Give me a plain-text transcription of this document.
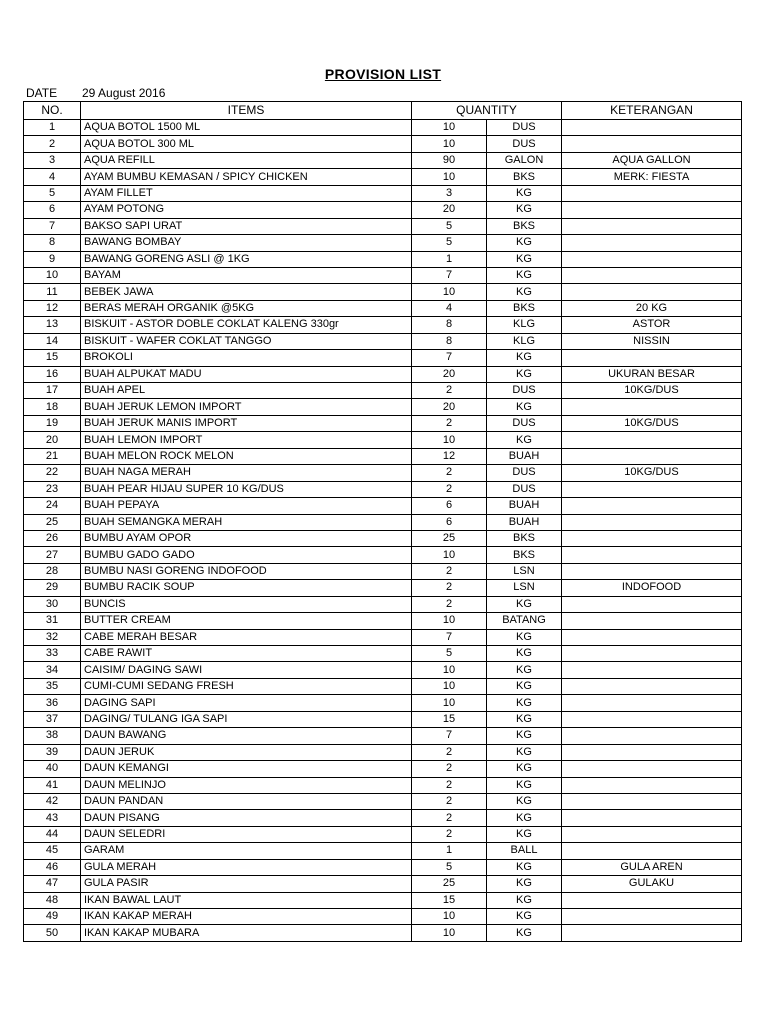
PROVISION LIST
DATE	29 August 2016
NO.	ITEMS	QUANTITY		KETERANGAN
1	AQUA BOTOL 1500 ML	10	DUS	
2	AQUA BOTOL 300 ML	10	DUS	
3	AQUA REFILL	90	GALON	AQUA GALLON
4	AYAM BUMBU KEMASAN / SPICY CHICKEN	10	BKS	MERK: FIESTA
5	AYAM FILLET	3	KG	
6	AYAM POTONG	20	KG	
7	BAKSO SAPI URAT	5	BKS	
8	BAWANG BOMBAY	5	KG	
9	BAWANG GORENG ASLI @ 1KG	1	KG	
10	BAYAM	7	KG	
11	BEBEK JAWA	10	KG	
12	BERAS MERAH ORGANIK @5KG	4	BKS	20 KG
13	BISKUIT - ASTOR DOBLE COKLAT KALENG 330gr	8	KLG	ASTOR
14	BISKUIT - WAFER COKLAT TANGGO	8	KLG	NISSIN
15	BROKOLI	7	KG	
16	BUAH ALPUKAT MADU	20	KG	UKURAN BESAR
17	BUAH APEL	2	DUS	10KG/DUS
18	BUAH JERUK LEMON IMPORT	20	KG	
19	BUAH JERUK MANIS IMPORT	2	DUS	10KG/DUS
20	BUAH LEMON IMPORT	10	KG	
21	BUAH MELON ROCK MELON	12	BUAH	
22	BUAH NAGA MERAH	2	DUS	10KG/DUS
23	BUAH PEAR HIJAU SUPER 10 KG/DUS	2	DUS	
24	BUAH PEPAYA	6	BUAH	
25	BUAH SEMANGKA MERAH	6	BUAH	
26	BUMBU AYAM OPOR	25	BKS	
27	BUMBU GADO GADO	10	BKS	
28	BUMBU NASI GORENG INDOFOOD	2	LSN	
29	BUMBU RACIK SOUP	2	LSN	INDOFOOD
30	BUNCIS	2	KG	
31	BUTTER CREAM	10	BATANG	
32	CABE MERAH BESAR	7	KG	
33	CABE RAWIT	5	KG	
34	CAISIM/ DAGING SAWI	10	KG	
35	CUMI-CUMI SEDANG FRESH	10	KG	
36	DAGING SAPI	10	KG	
37	DAGING/ TULANG IGA SAPI	15	KG	
38	DAUN BAWANG	7	KG	
39	DAUN JERUK	2	KG	
40	DAUN KEMANGI	2	KG	
41	DAUN MELINJO	2	KG	
42	DAUN PANDAN	2	KG	
43	DAUN PISANG	2	KG	
44	DAUN SELEDRI	2	KG	
45	GARAM	1	BALL	
46	GULA MERAH	5	KG	GULA AREN
47	GULA PASIR	25	KG	GULAKU
48	IKAN BAWAL LAUT	15	KG	
49	IKAN KAKAP MERAH	10	KG	
50	IKAN KAKAP MUBARA	10	KG	
